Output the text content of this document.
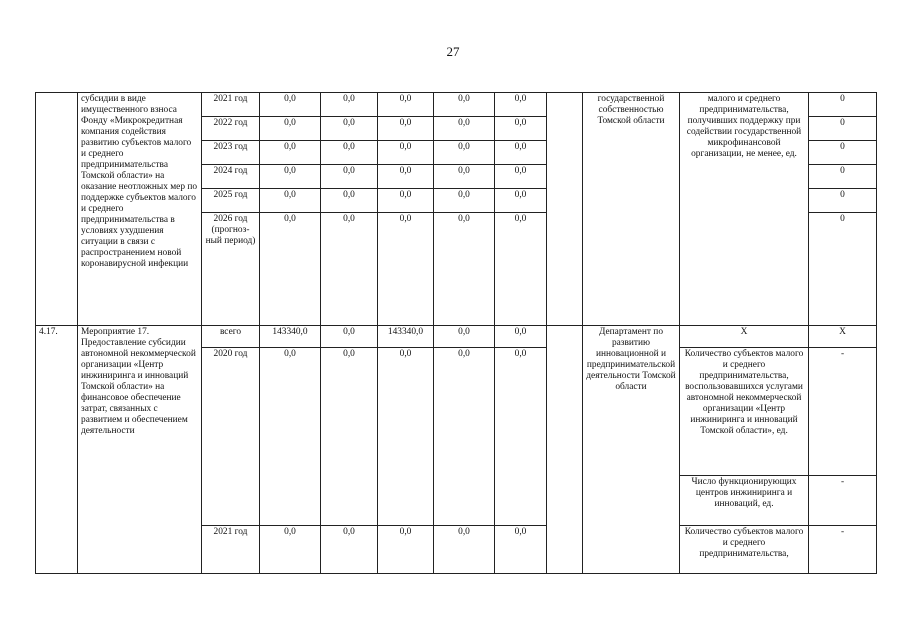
27
	субсидии в виде имущественного взноса Фонду «Микрокредитная компания содействия развитию субъектов малого и среднего предпринимательства Томской области» на оказание неотложных мер по поддержке субъектов малого и среднего предпринимательства в условиях ухудшения ситуации в связи с распространением новой коронавирусной инфекции	2021 год	0,0	0,0	0,0	0,0	0,0		государственной собственностью Томской области	малого и среднего предпринимательства, получивших поддержку при содействии государственной микрофинансовой организации, не менее, ед.	0
		2022 год	0,0	0,0	0,0	0,0	0,0				0
		2023 год	0,0	0,0	0,0	0,0	0,0				0
		2024 год	0,0	0,0	0,0	0,0	0,0				0
		2025 год	0,0	0,0	0,0	0,0	0,0				0
		2026 год (прогноз-ный период)	0,0	0,0	0,0	0,0	0,0				0
4.17.	Мероприятие 17. Предоставление субсидии автономной некоммерческой организации «Центр инжиниринга и инноваций Томской области» на финансовое обеспечение затрат, связанных с развитием и обеспечением деятельности	всего	143340,0	0,0	143340,0	0,0	0,0		Департамент по развитию инновационной и предпринимательской деятельности Томской области	Х	Х
		2020 год	0,0	0,0	0,0	0,0	0,0			Количество субъектов малого и среднего предпринимательства, воспользовавшихся услугами автономной некоммерческой организации «Центр инжиниринга и инноваций Томской области», ед.	-
										Число функционирующих центров инжиниринга и инноваций, ед.	-
		2021 год	0,0	0,0	0,0	0,0	0,0			Количество субъектов малого и среднего предпринимательства,	-
